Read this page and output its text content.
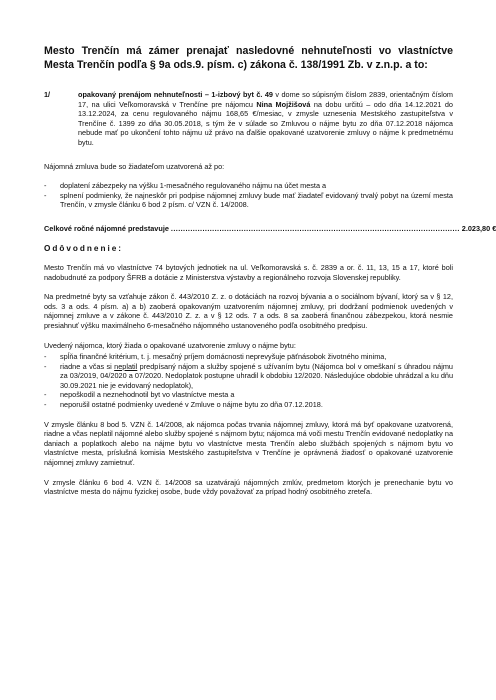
Mesto Trenčín má zámer prenajať nasledovné nehnuteľnosti vo vlastníctve Mesta Trenčín podľa § 9a ods.9. písm. c) zákona č. 138/1991 Zb. v z.n.p. a to:
1/	opakovaný prenájom nehnuteľnosti – 1-izbový byt č. 49 v dome so súpisným číslom 2839, orientačným číslom 17, na ulici Veľkomoravská v Trenčíne pre nájomcu Nina Mojžišová na dobu určitú – odo dňa 14.12.2021 do 13.12.2024, za cenu regulovaného nájmu 168,65 €/mesiac, v zmysle uznesenia Mestského zastupiteľstva v Trenčíne č. 1399 zo dňa 30.05.2018, s tým že v súlade so Zmluvou o nájme bytu zo dňa 07.12.2018 nájomca nebude mať po ukončení tohto nájmu už právo na ďalšie opakované uzatvorenie zmluvy o nájme k predmetnému bytu.

Nájomná zmluva bude so žiadateľom uzatvorená až po:

-	doplatení zábezpeky na výšku 1-mesačného regulovaného nájmu na účet mesta a
-	splnení podmienky, že najneskôr pri podpise nájomnej zmluvy bude mať žiadateľ evidovaný trvalý pobyt na území mesta Trenčín, v zmysle článku 6 bod 2 písm. c/ VZN č. 14/2008.
Celkové ročné nájomné predstavuje ....................................................................................................................... 2.023,80 €
Odôvodnenie:

Mesto Trenčín má vo vlastníctve 74 bytových jednotiek na ul. Veľkomoravská s. č. 2839 a or. č. 11, 13, 15 a 17, ktoré boli nadobudnuté za podpory ŠFRB a dotácie z Ministerstva výstavby a regionálneho rozvoja Slovenskej republiky.

Na predmetné byty sa vzťahuje zákon č. 443/2010 Z. z. o dotáciách na rozvoj bývania a o sociálnom bývaní, ktorý sa v § 12, ods. 3 a ods. 4 písm. a) a b) zaoberá opakovaným uzatvorením nájomnej zmluvy, pri dodržaní podmienok uvedených v nájomnej zmluve a v zákone č. 443/2010 Z. z. a v § 12 ods. 7 a ods. 8 sa zaoberá finančnou zábezpekou, ktorá nesmie presiahnuť výšku maximálneho 6-mesačného nájomného ustanoveného podľa osobitného predpisu.

Uvedený nájomca, ktorý žiada o opakované uzatvorenie zmluvy o nájme bytu:

-	spĺňa finančné kritérium, t. j. mesačný príjem domácnosti neprevyšuje päťnásobok životného minima,
-	riadne a včas si neplatil predpísaný nájom a služby spojené s užívaním bytu (Nájomca bol v omeškaní s úhradou nájmu za 03/2019, 04/2020 a 07/2020. Nedoplatok postupne uhradil k obdobiu 12/2020. Následujúce obdobie uhrádzal a ku dňu 30.09.2021 nie je evidovaný nedoplatok),
-	nepoškodil a neznehodnotil byt vo vlastníctve mesta a
-	neporušil ostatné podmienky uvedené v Zmluve o nájme bytu zo dňa 07.12.2018.

V zmysle článku 8 bod 5. VZN č. 14/2008, ak nájomca počas trvania nájomnej zmluvy, ktorá má byť opakovane uzatvorená, riadne a včas neplatil nájomné alebo služby spojené s nájmom bytu; nájomca má voči mestu Trenčín evidované nedoplatky na daniach a poplatkoch alebo na nájme bytu vo vlastníctve mesta Trenčín alebo službách spojených s nájmom bytu vo vlastníctve mesta, príslušná komisia Mestského zastupiteľstva v Trenčíne je oprávnená žiadosť o opakované uzatvorenie nájomnej zmluvy zamietnuť.

V zmysle článku 6 bod 4. VZN č. 14/2008 sa uzatvárajú nájomných zmlúv, predmetom ktorých je prenechanie bytu vo vlastníctve mesta do nájmu fyzickej osobe, bude vždy považovať za prípad hodný osobitného zreteľa.
